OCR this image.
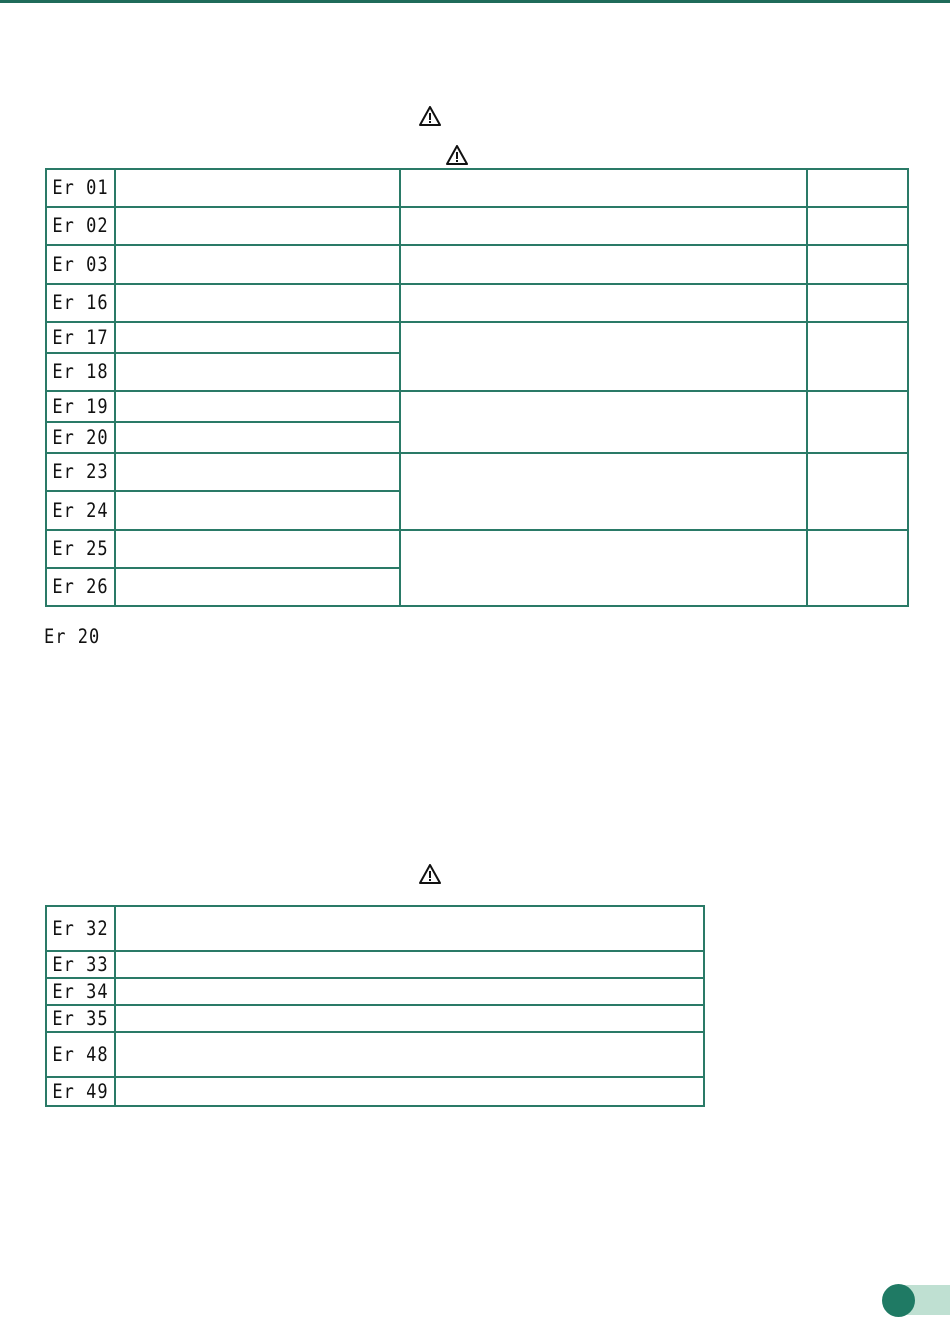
Er 01			
Er 02			
Er 03			
Er 16			
Er 17			
Er 18			
Er 19			
Er 20			
Er 23			
Er 24			
Er 25			
Er 26			
Er 20
Er 32	
Er 33	
Er 34	
Er 35	
Er 48	
Er 49	
